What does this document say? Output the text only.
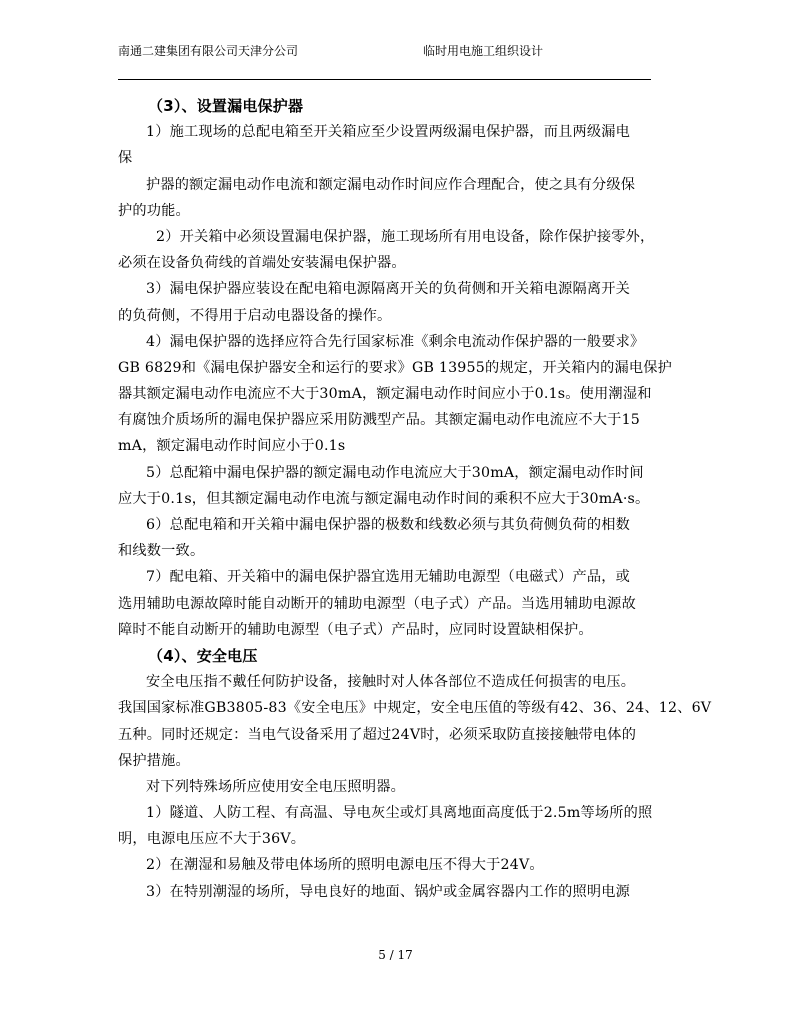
南通二建集团有限公司天津分公司	临时用电施工组织设计
（3）、设置漏电保护器
1）施工现场的总配电箱至开关箱应至少设置两级漏电保护器，而且两级漏电
保
护器的额定漏电动作电流和额定漏电动作时间应作合理配合，使之具有分级保
护的功能。
2）开关箱中必须设置漏电保护器，施工现场所有用电设备，除作保护接零外，
必须在设备负荷线的首端处安装漏电保护器。
3）漏电保护器应装设在配电箱电源隔离开关的负荷侧和开关箱电源隔离开关
的负荷侧，不得用于启动电器设备的操作。
4）漏电保护器的选择应符合先行国家标准《剩余电流动作保护器的一般要求》
GB 6829和《漏电保护器安全和运行的要求》GB 13955的规定，开关箱内的漏电保护
器其额定漏电动作电流应不大于30mA，额定漏电动作时间应小于0.1s。使用潮湿和
有腐蚀介质场所的漏电保护器应采用防溅型产品。其额定漏电动作电流应不大于15
mA，额定漏电动作时间应小于0.1s
5）总配箱中漏电保护器的额定漏电动作电流应大于30mA，额定漏电动作时间
应大于0.1s，但其额定漏电动作电流与额定漏电动作时间的乘积不应大于30mA·s。
6）总配电箱和开关箱中漏电保护器的极数和线数必须与其负荷侧负荷的相数
和线数一致。
7）配电箱、开关箱中的漏电保护器宜选用无辅助电源型（电磁式）产品，或
选用辅助电源故障时能自动断开的辅助电源型（电子式）产品。当选用辅助电源故
障时不能自动断开的辅助电源型（电子式）产品时，应同时设置缺相保护。
（4）、安全电压
安全电压指不戴任何防护设备，接触时对人体各部位不造成任何损害的电压。
我国国家标准GB3805-83《安全电压》中规定，安全电压值的等级有42、36、24、12、6V
五种。同时还规定：当电气设备采用了超过24V时，必须采取防直接接触带电体的
保护措施。
对下列特殊场所应使用安全电压照明器。
1）隧道、人防工程、有高温、导电灰尘或灯具离地面高度低于2.5m等场所的照
明，电源电压应不大于36V。
2）在潮湿和易触及带电体场所的照明电源电压不得大于24V。
3）在特别潮湿的场所，导电良好的地面、锅炉或金属容器内工作的照明电源
5 / 17
